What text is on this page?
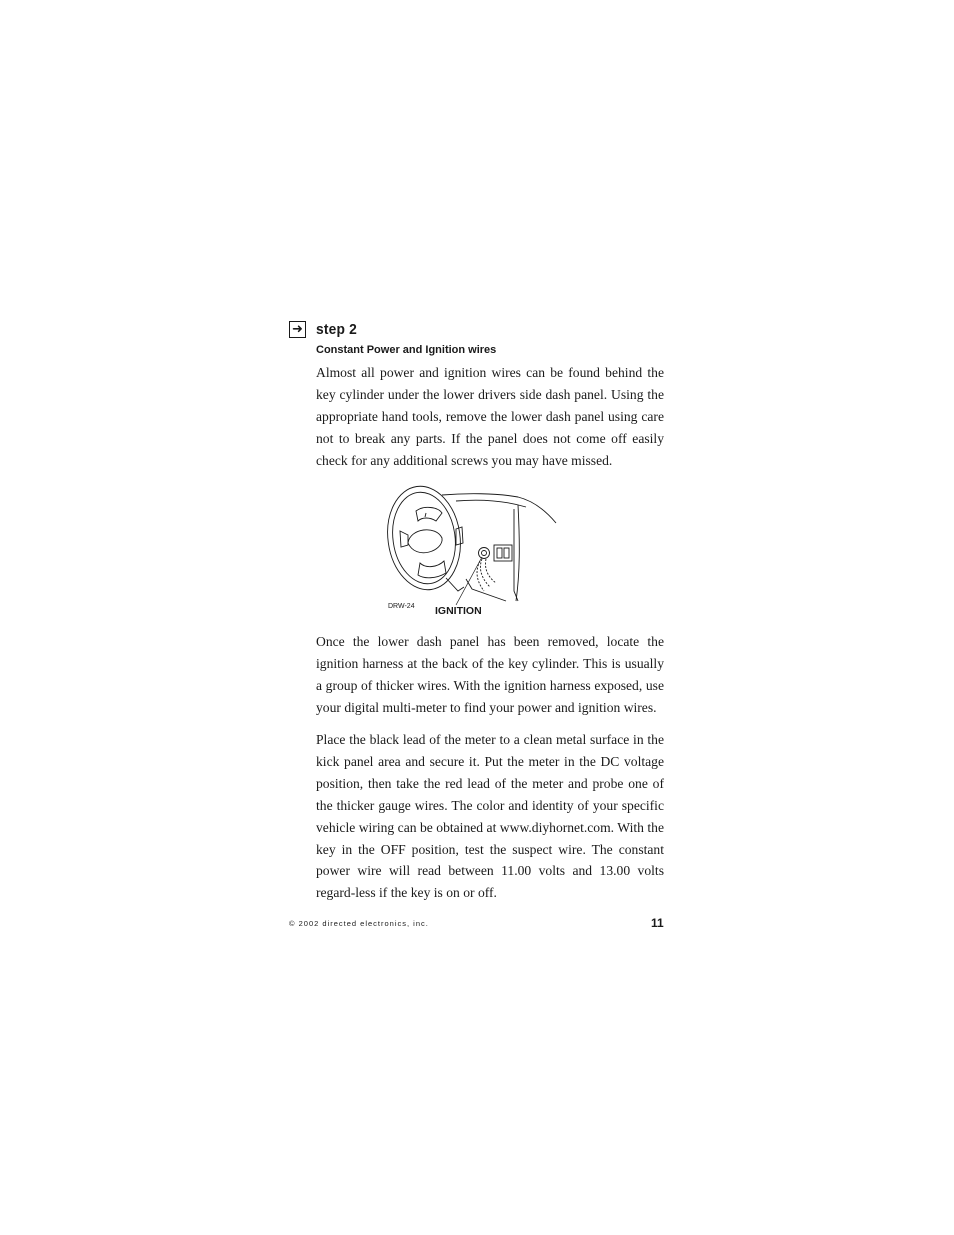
➜ step 2
Constant Power and Ignition wires

Almost all power and ignition wires can be found behind the key cylinder under the lower drivers side dash panel. Using the appropriate hand tools, remove the lower dash panel using care not to break any parts. If the panel does not come off easily check for any additional screws you may have missed.

DRW-24 IGNITION

Once the lower dash panel has been removed, locate the ignition harness at the back of the key cylinder. This is usually a group of thicker wires. With the ignition harness exposed, use your digital multi-meter to find your power and ignition wires.

Place the black lead of the meter to a clean metal surface in the kick panel area and secure it. Put the meter in the DC voltage position, then take the red lead of the meter and probe one of the thicker gauge wires. The color and identity of your specific vehicle wiring can be obtained at www.diyhornet.com. With the key in the OFF position, test the suspect wire. The constant power wire will read between 11.00 volts and 13.00 volts regard-less if the key is on or off.

© 2002 directed electronics, inc.	11
